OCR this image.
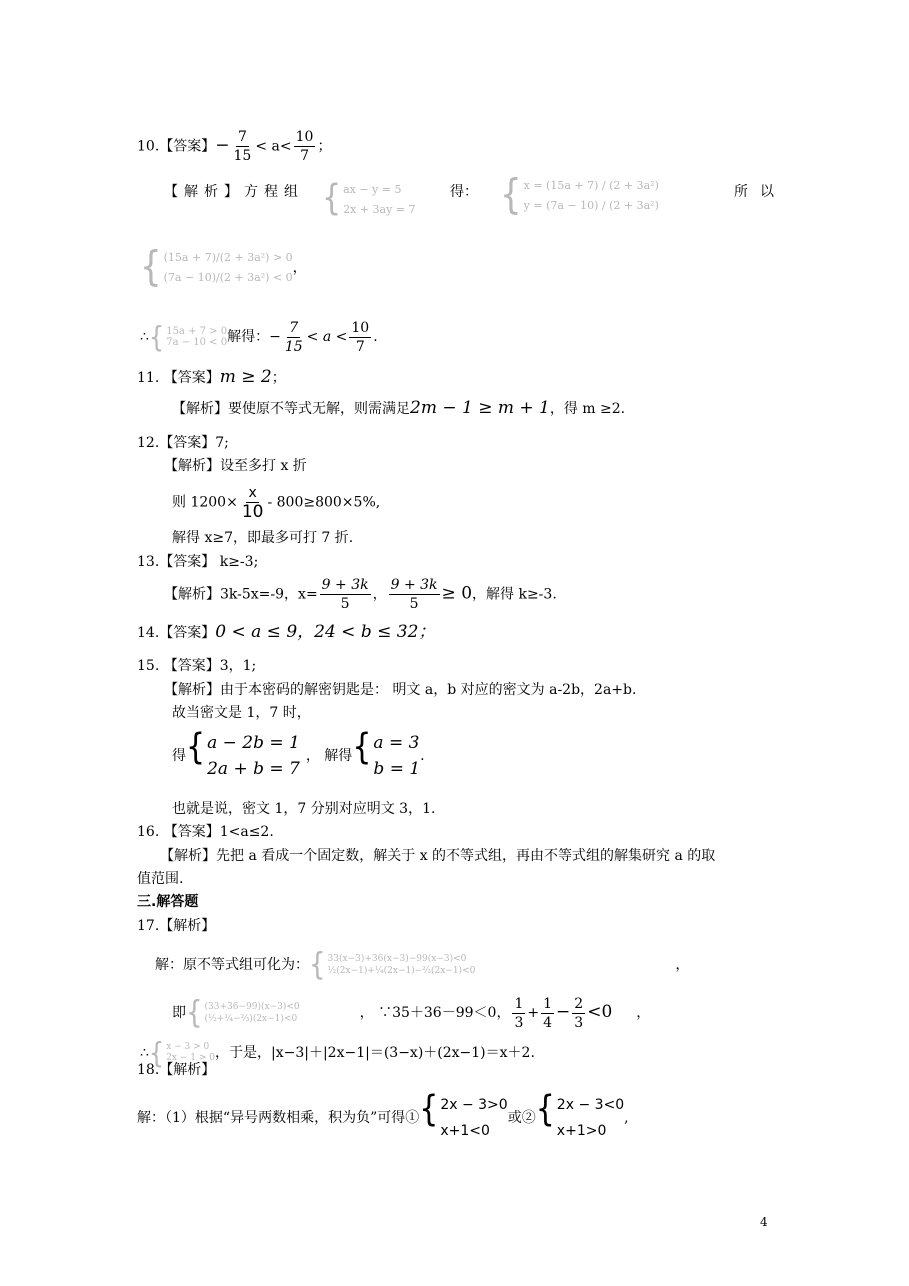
10.【答案】− $\frac{7}{15} < a< \frac{10}{7}$ ；
【解析】方程组 { ax − y = 5
2x + 3ay = 7
得： { x = (15a + 7) / (2 + 3a²)
y = (7a − 10) / (2 + 3a²)
所以
{ (15a + 7)/(2 + 3a²) > 0
(7a − 10)/(2 + 3a²) < 0
，
∴ { 15a + 7 > 0
7a − 10 < 0 解得：− $\frac{7}{15} < a < \frac{10}{7}$ .
11. 【答案】m ≥ 2；
【解析】要使原不等式无解，则需满足2m − 1 ≥ m + 1，得 m ≥2.
12.【答案】7;
【解析】设至多打 x 折
则 $1200\times \frac{x}{10} - 800\ge 800\times 5\%$,
解得 x≥7，即最多可打 7 折.
13.【答案】 k≥-3;
【解析】3k-5x=-9，$x= \frac{9 + 3k}{5}$ ， $\frac{9 + 3k}{5} \ge 0$，解得 k≥-3.
14.【答案】0 < a ≤ 9，24 < b ≤ 32；
15. 【答案】3，1;
【解析】由于本密码的解密钥匙是： 明文 a，b 对应的密文为 a-2b，2a+b.
故当密文是 1，7 时，
得 { a − 2b = 1
2a + b = 7
， 解得 { a = 3
b = 1
.
也就是说，密文 1，7 分别对应明文 3，1.
16. 【答案】1<a≤2.
【解析】先把 a 看成一个固定数，解关于 x 的不等式组，再由不等式组的解集研究 a 的取
值范围.
三.解答题
17.【解析】
解：原不等式组可化为： { 33(x−3)+36(x−3)−99(x−3)<0
½(2x−1)+¼(2x−1)−⅔(2x−1)<0	，
即 { (33+36−99)(x−3)<0
(½+¼−⅔)(2x−1)<0	， ∵35＋36－99＜0， $\frac{1}{3} + \frac{1}{4} - \frac{2}{3} <0$ ，
∴ { x − 3 > 0
2x − 1 > 0 ，于是，|x−3|＋|2x−1|＝(3−x)＋(2x−1)＝x＋2.
18.【解析】
解：（1）根据“异号两数相乘，积为负”可得① { 2x − 3>0
x+1<0
或② { 2x − 3<0
x+1>0
,
4
